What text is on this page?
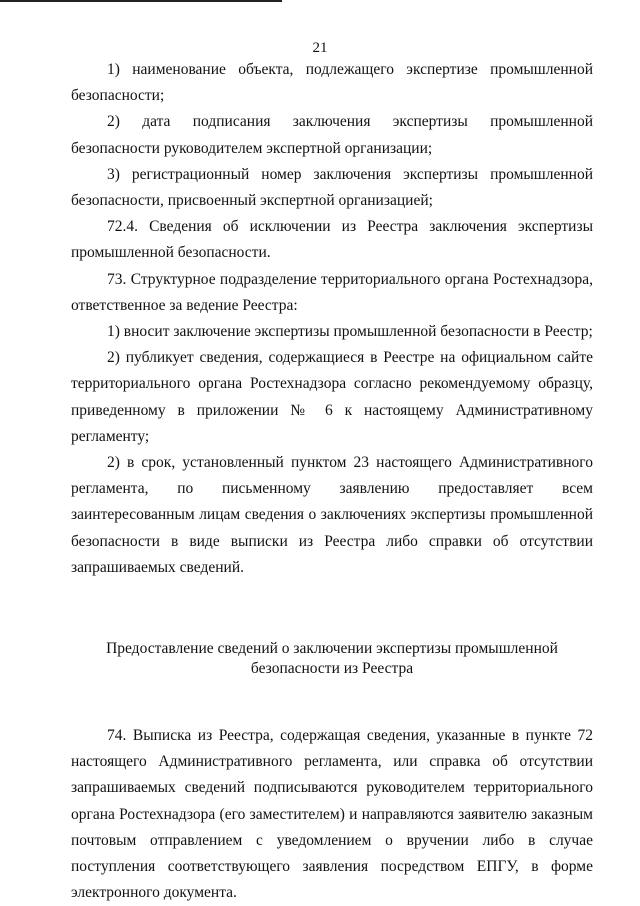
21

1) наименование объекта, подлежащего экспертизе промышленной безопасности;

2) дата подписания заключения экспертизы промышленной безопасности руководителем экспертной организации;

3) регистрационный номер заключения экспертизы промышленной безопасности, присвоенный экспертной организацией;

72.4. Сведения об исключении из Реестра заключения экспертизы промышленной безопасности.

73. Структурное подразделение территориального органа Ростехнадзора, ответственное за ведение Реестра:

1) вносит заключение экспертизы промышленной безопасности в Реестр;

2) публикует сведения, содержащиеся в Реестре на официальном сайте территориального органа Ростехнадзора согласно рекомендуемому образцу, приведенному в приложении № 6 к настоящему Административному регламенту;

2) в срок, установленный пунктом 23 настоящего Административного регламента, по письменному заявлению предоставляет всем заинтересованным лицам сведения о заключениях экспертизы промышленной безопасности в виде выписки из Реестра либо справки об отсутствии запрашиваемых сведений.

Предоставление сведений о заключении экспертизы промышленной
безопасности из Реестра

74. Выписка из Реестра, содержащая сведения, указанные в пункте 72 настоящего Административного регламента, или справка об отсутствии запрашиваемых сведений подписываются руководителем территориального органа Ростехнадзора (его заместителем) и направляются заявителю заказным почтовым отправлением с уведомлением о вручении либо в случае поступления соответствующего заявления посредством ЕПГУ, в форме электронного документа.
